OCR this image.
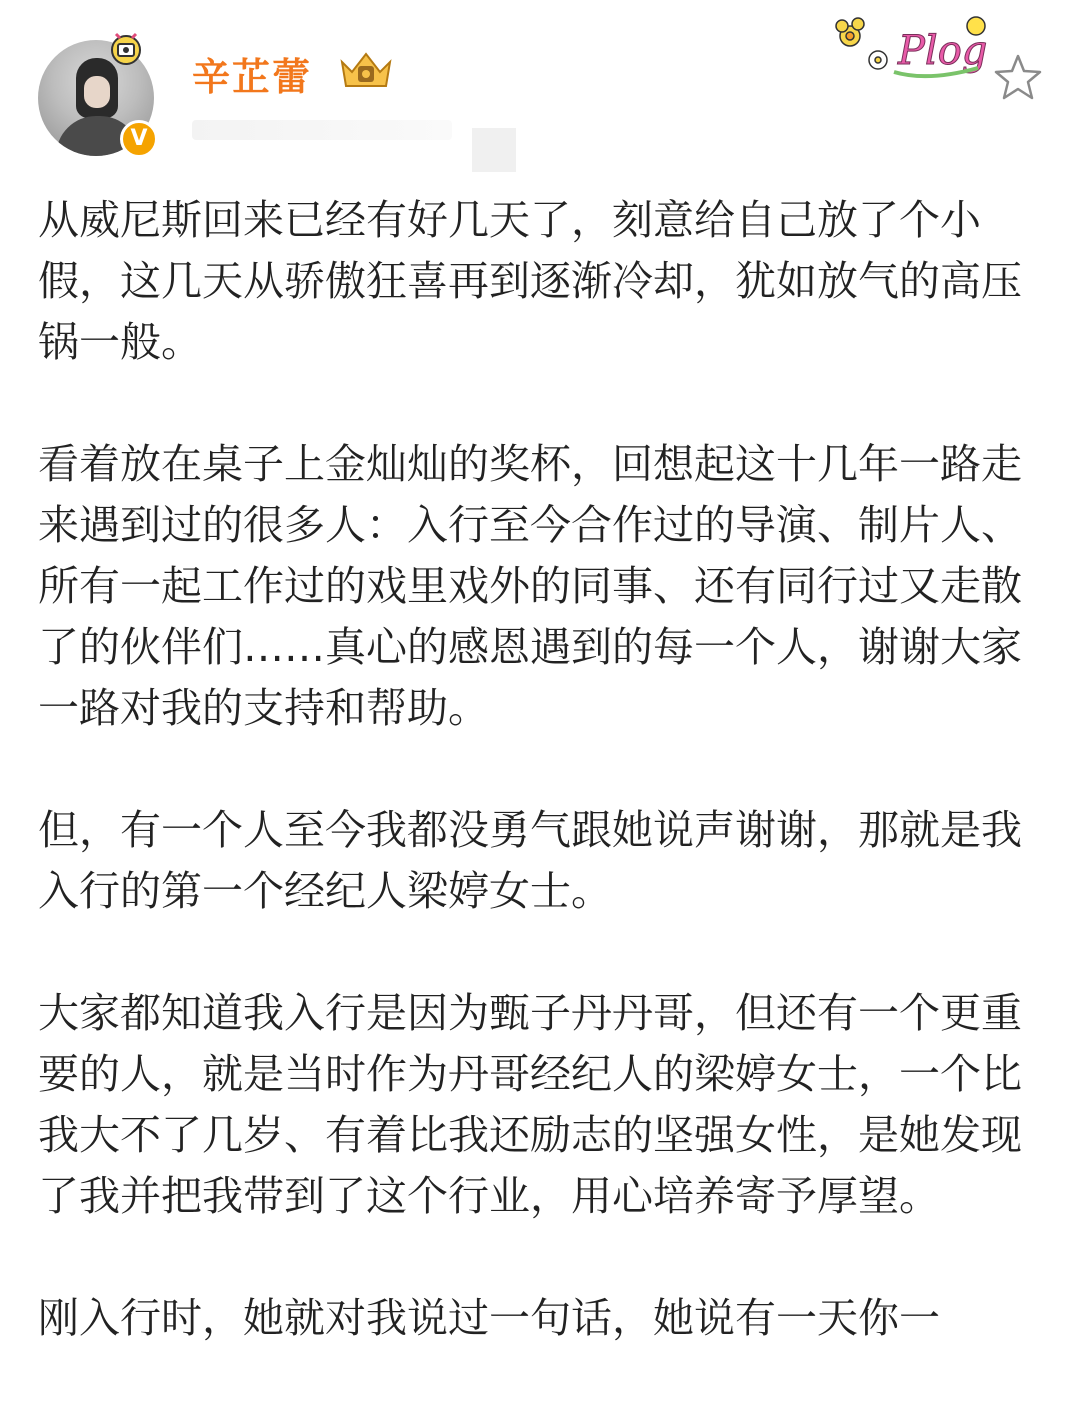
V
辛芷蕾
Plog

从威尼斯回来已经有好几天了，刻意给自己放了个小假，这几天从骄傲狂喜再到逐渐冷却，犹如放气的高压锅一般。

看着放在桌子上金灿灿的奖杯，回想起这十几年一路走来遇到过的很多人：入行至今合作过的导演、制片人、所有一起工作过的戏里戏外的同事、还有同行过又走散了的伙伴们……真心的感恩遇到的每一个人，谢谢大家一路对我的支持和帮助。

但，有一个人至今我都没勇气跟她说声谢谢，那就是我入行的第一个经纪人梁婷女士。

大家都知道我入行是因为甄子丹丹哥，但还有一个更重要的人，就是当时作为丹哥经纪人的梁婷女士，一个比我大不了几岁、有着比我还励志的坚强女性，是她发现了我并把我带到了这个行业，用心培养寄予厚望。

刚入行时，她就对我说过一句话，她说有一天你一
